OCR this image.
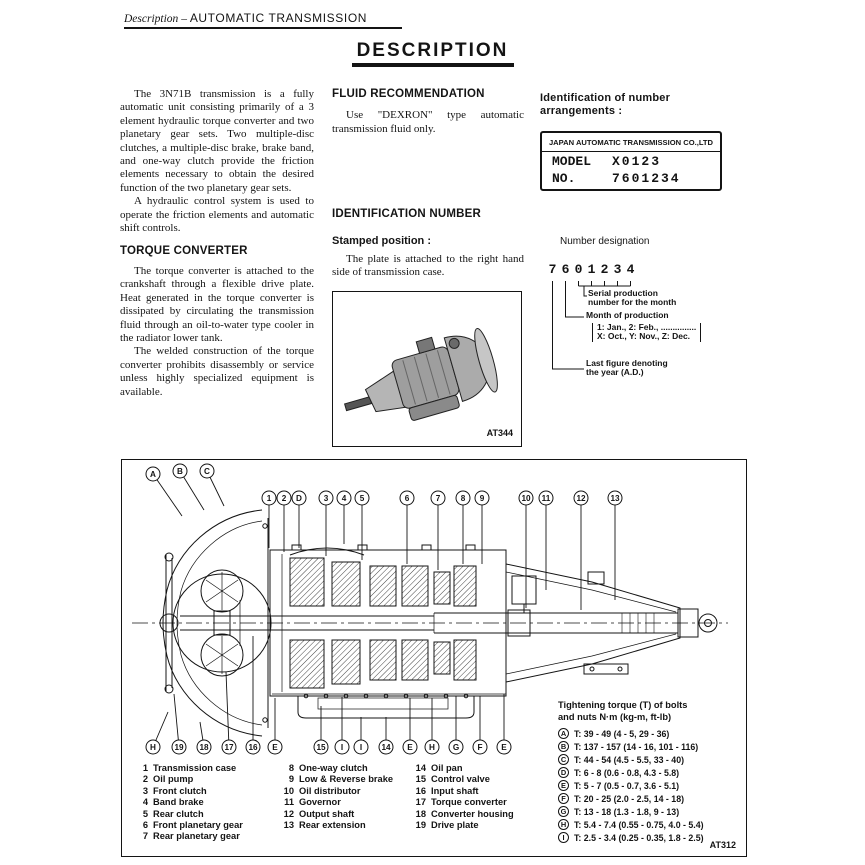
Description – AUTOMATIC TRANSMISSION
DESCRIPTION

The 3N71B transmission is a fully automatic unit consisting primarily of a 3 element hydraulic torque converter and two planetary gear sets. Two multiple-disc clutches, a multiple-disc brake, brake band, and one-way clutch provide the friction elements necessary to obtain the desired function of the two planetary gear sets.

A hydraulic control system is used to operate the friction elements and automatic shift controls.

TORQUE CONVERTER

The torque converter is attached to the crankshaft through a flexible drive plate. Heat generated in the torque converter is dissipated by circulating the transmission fluid through an oil-to-water type cooler in the radiator lower tank.

The welded construction of the torque converter prohibits disassembly or service unless highly specialized equipment is available.

FLUID RECOMMENDATION

Use "DEXRON" type automatic transmission fluid only.

IDENTIFICATION NUMBER
Stamped position :

The plate is attached to the right hand side of transmission case.

AT344
Identification of number arrangements :
JAPAN AUTOMATIC TRANSMISSION CO.,LTD
MODEL	X0123
NO.	7601234
Number designation
7 6 0 1 2 3 4
Serial production
number for the month
Month of production
1: Jan., 2: Feb., ...............
X: Oct., Y: Nov., Z: Dec.
Last figure denoting
the year (A.D.)
A	B	C
1 2 D	3 4 5	6	7 8 9	10 11	12	13
H 19 18 17 16 E	15 I I 14 E H G F E
1 Transmission case
2 Oil pump
3 Front clutch
4 Band brake
5 Rear clutch
6 Front planetary gear
7 Rear planetary gear
8 One-way clutch
9 Low & Reverse brake
10 Oil distributor
11 Governor
12 Output shaft
13 Rear extension
14 Oil pan
15 Control valve
16 Input shaft
17 Torque converter
18 Converter housing
19 Drive plate
Tightening torque (T) of bolts
and nuts N·m (kg-m, ft-lb)
A T: 39 - 49 (4 - 5, 29 - 36)
B T: 137 - 157 (14 - 16, 101 - 116)
C T: 44 - 54 (4.5 - 5.5, 33 - 40)
D T: 6 - 8 (0.6 - 0.8, 4.3 - 5.8)
E T: 5 - 7 (0.5 - 0.7, 3.6 - 5.1)
F T: 20 - 25 (2.0 - 2.5, 14 - 18)
G T: 13 - 18 (1.3 - 1.8, 9 - 13)
H T: 5.4 - 7.4 (0.55 - 0.75, 4.0 - 5.4)
I	T: 2.5 - 3.4 (0.25 - 0.35, 1.8 - 2.5)
AT312
